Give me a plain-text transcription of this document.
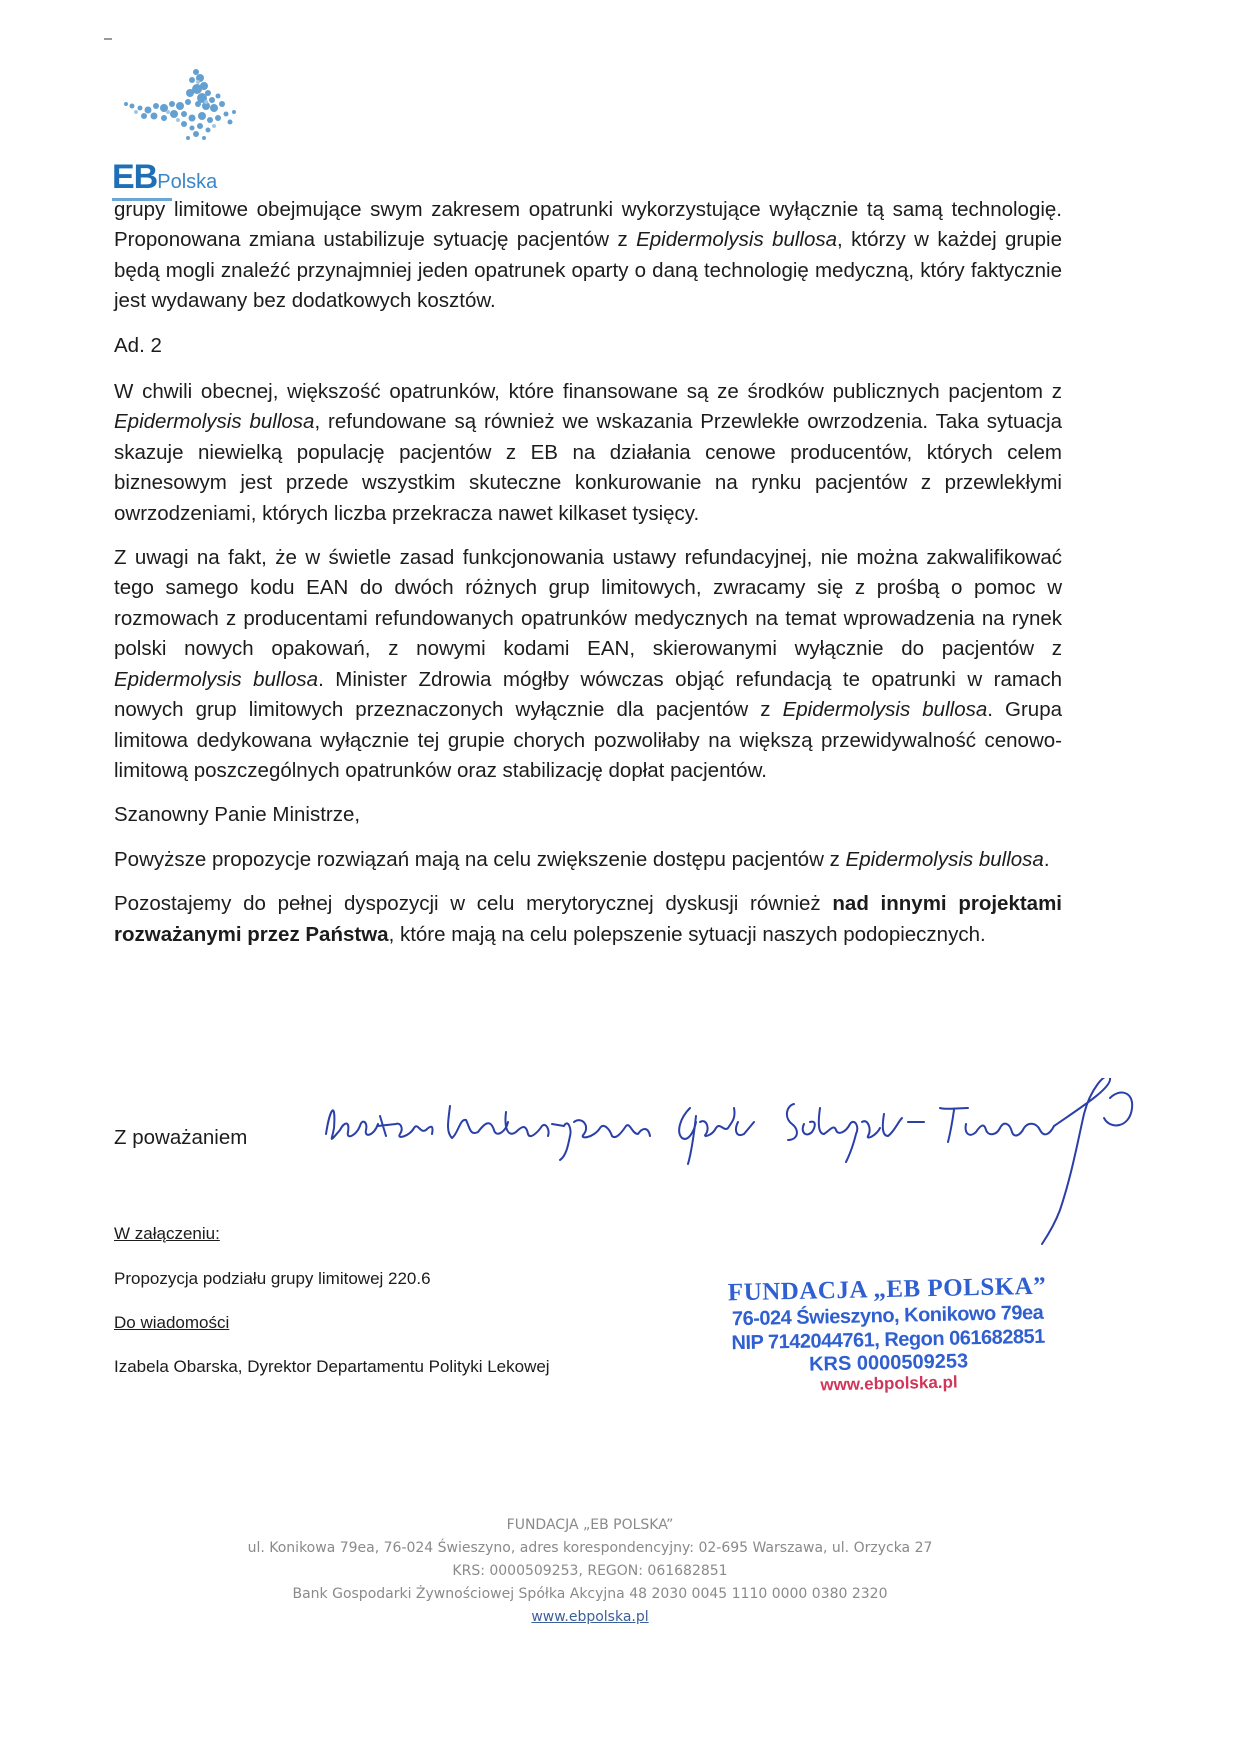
EBPolska

grupy limitowe obejmujące swym zakresem opatrunki wykorzystujące wyłącznie tą samą technologię. Proponowana zmiana ustabilizuje sytuację pacjentów z Epidermolysis bullosa, którzy w każdej grupie będą mogli znaleźć przynajmniej jeden opatrunek oparty o daną technologię medyczną, który faktycznie jest wydawany bez dodatkowych kosztów.

Ad. 2

W chwili obecnej, większość opatrunków, które finansowane są ze środków publicznych pacjentom z Epidermolysis bullosa, refundowane są również we wskazania Przewlekłe owrzodzenia. Taka sytuacja skazuje niewielką populację pacjentów z EB na działania cenowe producentów, których celem biznesowym jest przede wszystkim skuteczne konkurowanie na rynku pacjentów z przewlekłymi owrzodzeniami, których liczba przekracza nawet kilkaset tysięcy.

Z uwagi na fakt, że w świetle zasad funkcjonowania ustawy refundacyjnej, nie można zakwalifikować tego samego kodu EAN do dwóch różnych grup limitowych, zwracamy się z prośbą o pomoc w rozmowach z producentami refundowanych opatrunków medycznych na temat wprowadzenia na rynek polski nowych opakowań, z nowymi kodami EAN, skierowanymi wyłącznie do pacjentów z Epidermolysis bullosa. Minister Zdrowia mógłby wówczas objąć refundacją te opatrunki w ramach nowych grup limitowych przeznaczonych wyłącznie dla pacjentów z Epidermolysis bullosa. Grupa limitowa dedykowana wyłącznie tej grupie chorych pozwoliłaby na większą przewidywalność cenowo-limitową poszczególnych opatrunków oraz stabilizację dopłat pacjentów.

Szanowny Panie Ministrze,

Powyższe propozycje rozwiązań mają na celu zwiększenie dostępu pacjentów z Epidermolysis bullosa.

Pozostajemy do pełnej dyspozycji w celu merytorycznej dyskusji również nad innymi projektami rozważanymi przez Państwa, które mają na celu polepszenie sytuacji naszych podopiecznych.

Z poważaniem
W załączeniu:
Propozycja podziału grupy limitowej 220.6
Do wiadomości
Izabela Obarska, Dyrektor Departamentu Polityki Lekowej
FUNDACJA „EB POLSKA”
76-024 Świeszyno, Konikowo 79ea
NIP 7142044761, Regon 061682851
KRS 0000509253
www.ebpolska.pl
FUNDACJA „EB POLSKA”
ul. Konikowa 79ea, 76-024 Świeszyno, adres korespondencyjny: 02-695 Warszawa, ul. Orzycka 27
KRS: 0000509253, REGON: 061682851
Bank Gospodarki Żywnościowej Spółka Akcyjna 48 2030 0045 1110 0000 0380 2320
www.ebpolska.pl
